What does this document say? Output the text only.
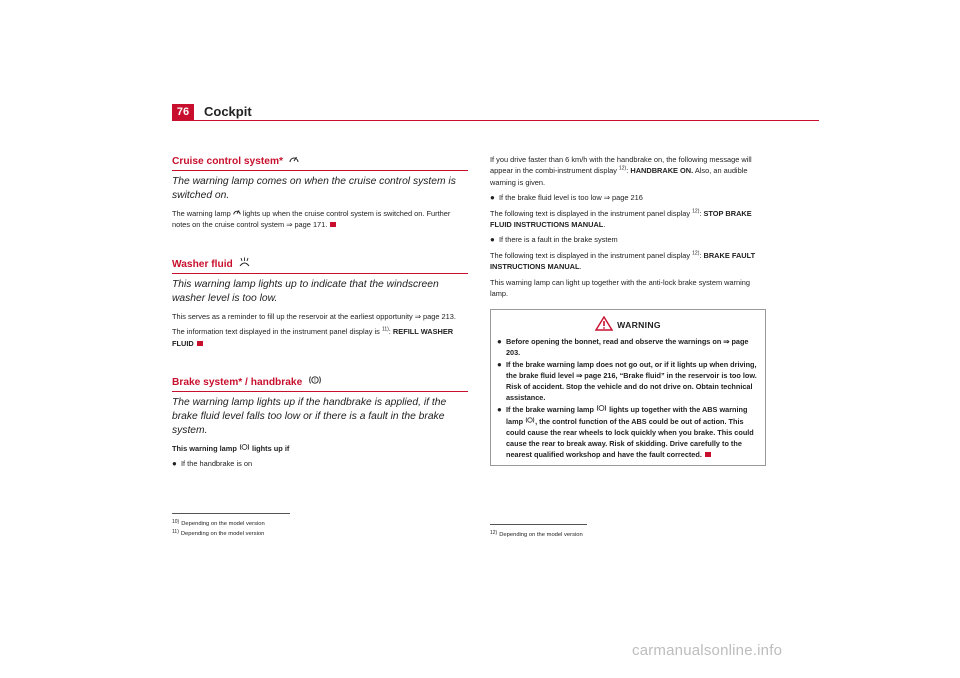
76	Cockpit
Cruise control system*
The warning lamp comes on when the cruise control system is switched on.
The warning lamp lights up when the cruise control system is switched on. Further notes on the cruise control system ⇒ page 171.
Washer fluid
This warning lamp lights up to indicate that the windscreen washer level is too low.
This serves as a reminder to fill up the reservoir at the earliest opportunity ⇒ page 213.
The information text displayed in the instrument panel display is $^{11)}$: REFILL WASHER FLUID
Brake system* / handbrake !
The warning lamp lights up if the handbrake is applied, if the brake fluid level falls too low or if there is a fault in the brake system.
This warning lamp lights up if
● If the handbrake is on
If you drive faster than 6 km/h with the handbrake on, the following message will appear in the combi-instrument display $^{12)}$: HANDBRAKE ON. Also, an audible warning is given.
● If the brake fluid level is too low ⇒ page 216
The following text is displayed in the instrument panel display $^{12)}$: STOP BRAKE FLUID INSTRUCTIONS MANUAL.
● If there is a fault in the brake system
The following text is displayed in the instrument panel display $^{12)}$: BRAKE FAULT INSTRUCTIONS MANUAL.
This warning lamp can light up together with the anti-lock brake system warning lamp.
WARNING
● Before opening the bonnet, read and observe the warnings on ⇒ page 203.
● If the brake warning lamp does not go out, or if it lights up when driving, the brake fluid level ⇒ page 216, “Brake fluid” in the reservoir is too low. Risk of accident. Stop the vehicle and do not drive on. Obtain technical assistance.
● If the brake warning lamp lights up together with the ABS warning lamp , the control function of the ABS could be out of action. This could cause the rear wheels to lock quickly when you brake. This could cause the rear to break away. Risk of skidding. Drive carefully to the nearest qualified workshop and have the fault corrected.
10) Depending on the model version
11) Depending on the model version	12) Depending on the model version
carmanualsonline.info
